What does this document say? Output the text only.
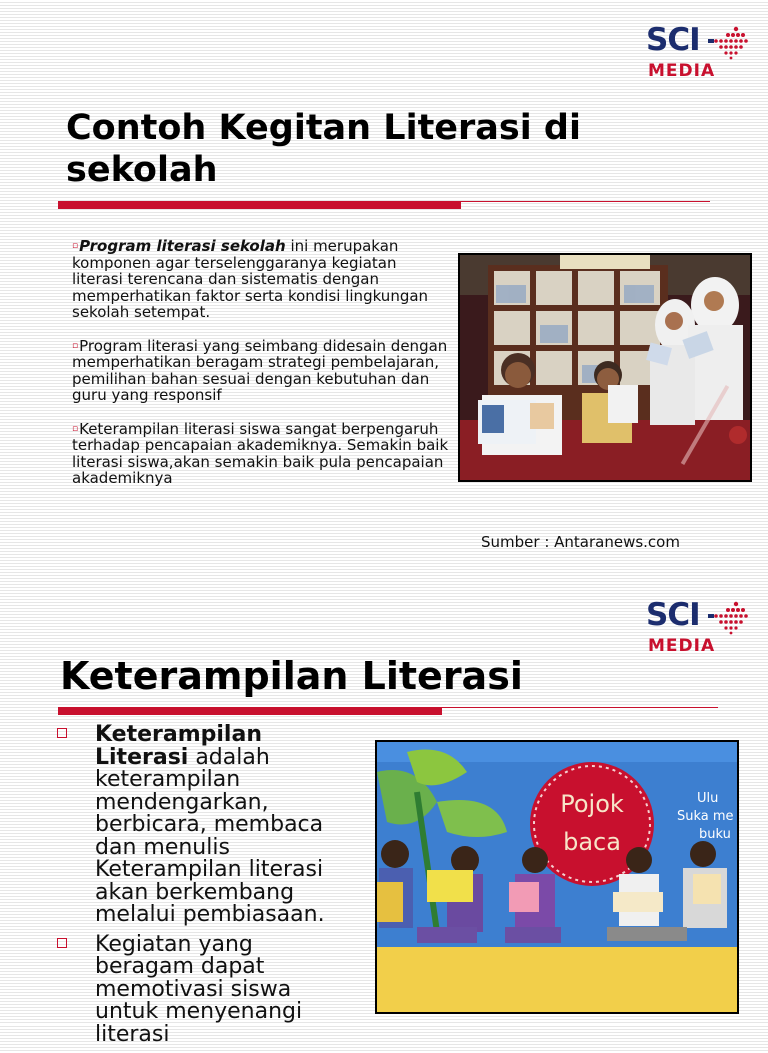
SCI
MEDIA
Contoh Kegitan Literasi di sekolah
▫Program literasi sekolah ini merupakan komponen agar terselenggaranya kegiatan literasi terencana dan sistematis dengan memperhatikan faktor serta kondisi lingkungan sekolah setempat.
▫Program literasi yang seimbang didesain dengan memperhatikan beragam strategi pembelajaran, pemilihan bahan sesuai dengan kebutuhan dan guru yang responsif
▫Keterampilan literasi siswa sangat berpengaruh terhadap pencapaian akademiknya. Semakin baik literasi siswa,akan semakin baik pula pencapaian akademiknya
Sumber : Antaranews.com
SCI
MEDIA
Keterampilan Literasi
Keterampilan Literasi adalah keterampilan mendengarkan, berbicara, membaca dan menulis Keterampilan literasi akan berkembang melalui pembiasaan.
Kegiatan yang beragam dapat memotivasi siswa untuk menyenangi literasi
Pojok
baca
Ulu
Suka me
buku
